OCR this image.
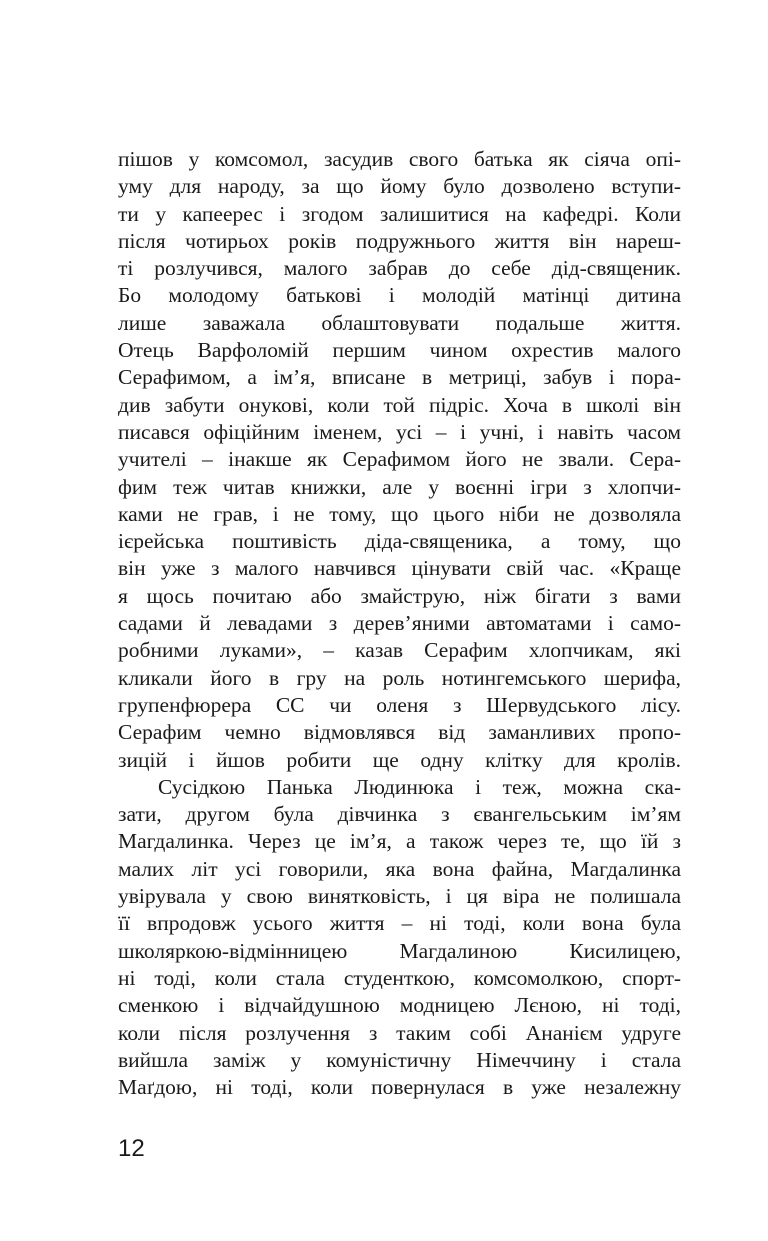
пішов у комсомол, засудив свого батька як сіяча опі-
уму для народу, за що йому було дозволено вступи-
ти у капеерес і згодом залишитися на кафедрі. Коли
після чотирьох років подружнього життя він нареш-
ті розлучився, малого забрав до себе дід-священик.
Бо молодому батькові і молодій матінці дитина
лише заважала облаштовувати подальше життя.
Отець Варфоломій першим чином охрестив малого
Серафимом, а ім’я, вписане в метриці, забув і пора-
див забути онукові, коли той підріс. Хоча в школі він
писався офіційним іменем, усі – і учні, і навіть часом
учителі – інакше як Серафимом його не звали. Сера-
фим теж читав книжки, але у воєнні ігри з хлопчи-
ками не грав, і не тому, що цього ніби не дозволяла
ієрейська поштивість діда-священика, а тому, що
він уже з малого навчився цінувати свій час. «Краще
я щось почитаю або змайструю, ніж бігати з вами
садами й левадами з дерев’яними автоматами і само-
робними луками», – казав Серафим хлопчикам, які
кликали його в гру на роль нотингемського шерифа,
групенфюрера СС чи оленя з Шервудського лісу.
Серафим чемно відмовлявся від заманливих пропо-
зицій і йшов робити ще одну клітку для кролів.
Сусідкою Панька Людинюка і теж, можна ска-
зати, другом була дівчинка з євангельським ім’ям
Магдалинка. Через це ім’я, а також через те, що їй з
малих літ усі говорили, яка вона файна, Магдалинка
увірувала у свою винятковість, і ця віра не полишала
її впродовж усього життя – ні тоді, коли вона була
школяркою-відмінницею Магдалиною Кисилицею,
ні тоді, коли стала студенткою, комсомолкою, спорт-
сменкою і відчайдушною модницею Лєною, ні тоді,
коли після розлучення з таким собі Ананієм удруге
вийшла заміж у комуністичну Німеччину і стала
Маґдою, ні тоді, коли повернулася в уже незалежну
12
